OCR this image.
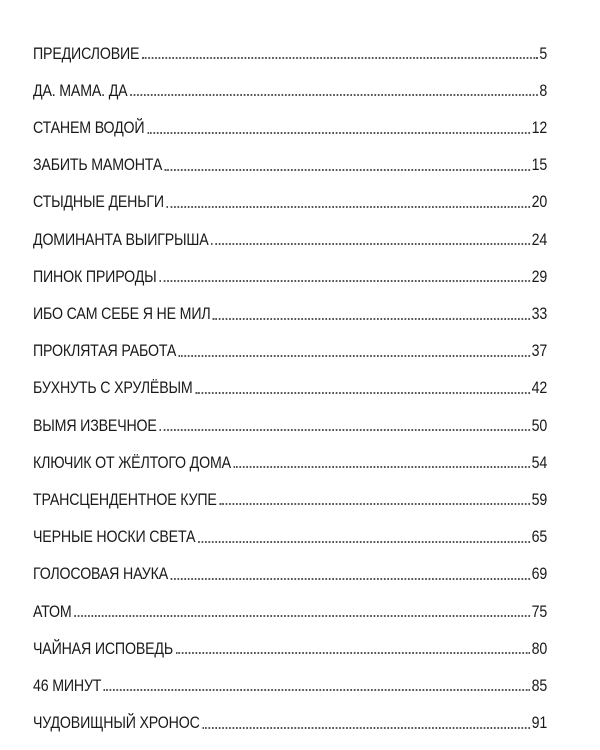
ПРЕДИСЛОВИЕ	5
ДА. МАМА. ДА	8
СТАНЕМ ВОДОЙ	12
ЗАБИТЬ МАМОНТА	15
СТЫДНЫЕ ДЕНЬГИ	20
ДОМИНАНТА ВЫИГРЫША	24
ПИНОК ПРИРОДЫ	29
ИБО САМ СЕБЕ Я НЕ МИЛ	33
ПРОКЛЯТАЯ РАБОТА	37
БУХНУТЬ С ХРУЛЁВЫМ	42
ВЫМЯ ИЗВЕЧНОЕ	50
КЛЮЧИК ОТ ЖЁЛТОГО ДОМА	54
ТРАНСЦЕНДЕНТНОЕ КУПЕ	59
ЧЕРНЫЕ НОСКИ СВЕТА	65
ГОЛОСОВАЯ НАУКА	69
АТОМ	75
ЧАЙНАЯ ИСПОВЕДЬ	80
46 МИНУТ	85
ЧУДОВИЩНЫЙ ХРОНОС	91
